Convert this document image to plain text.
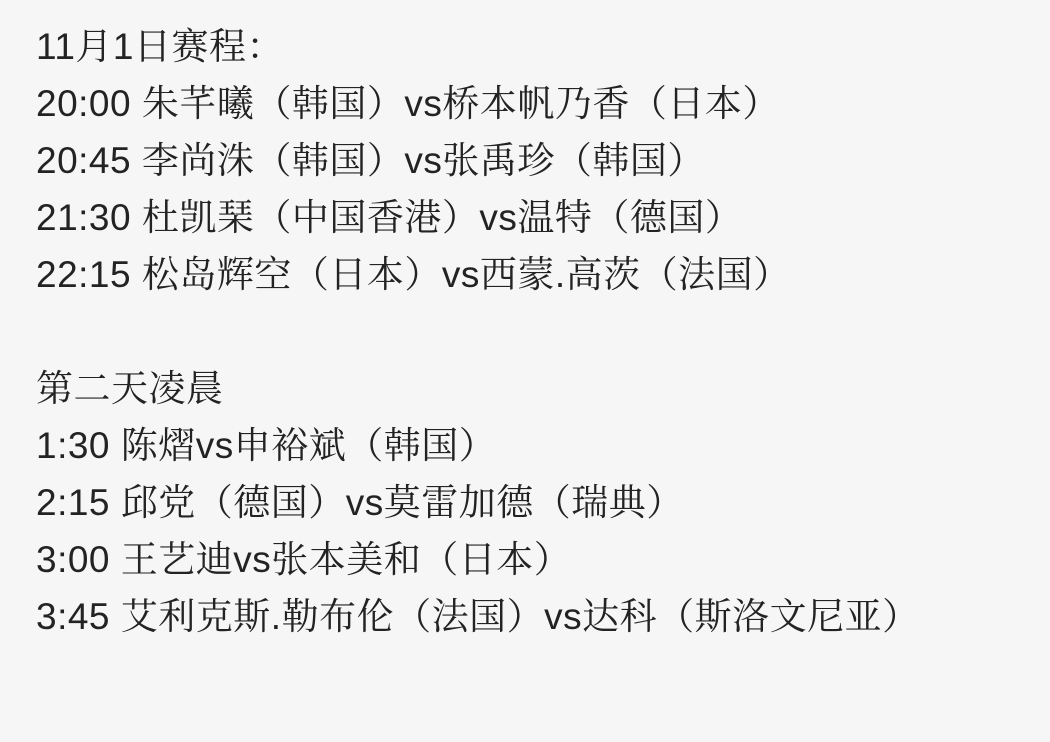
11月1日赛程：
20:00 朱芊曦（韩国）vs桥本帆乃香（日本）
20:45 李尚洙（韩国）vs张禹珍（韩国）
21:30 杜凯琹（中国香港）vs温特（德国）
22:15 松岛辉空（日本）vs西蒙.高茨（法国）
第二天凌晨
1:30 陈熠vs申裕斌（韩国）
2:15 邱党（德国）vs莫雷加德（瑞典）
3:00 王艺迪vs张本美和（日本）
3:45 艾利克斯.勒布伦（法国）vs达科（斯洛文尼亚）
